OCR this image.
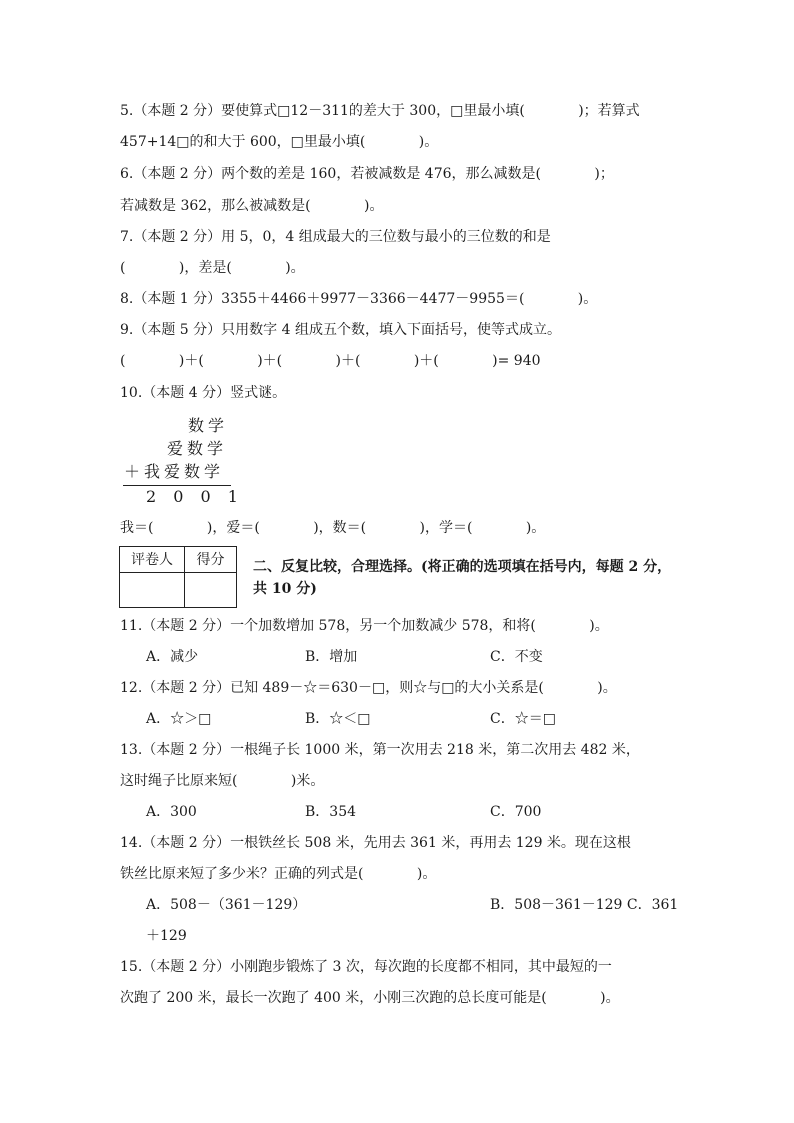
5.（本题 2 分）要使算式□12－311的差大于 300，□里最小填(            )；若算式
457+14□的和大于 600，□里最小填(            )。
6.（本题 2 分）两个数的差是 160，若被减数是 476，那么减数是(            )；
若减数是 362，那么被减数是(            )。
7.（本题 2 分）用 5，0，4 组成最大的三位数与最小的三位数的和是
(            )，差是(            )。
8.（本题 1 分）3355＋4466＋9977－3366－4477－9955＝(            )。
9.（本题 5 分）只用数字 4 组成五个数，填入下面括号，使等式成立。
(            )＋(            )＋(            )＋(            )＋(            )= 940
10.（本题 4 分）竖式谜。
数学
爱数学
＋我爱数学
2 0 0 1
我＝(            )，爱＝(            )，数＝(            )，学＝(            )。
评卷人	得分	二、反复比较，合理选择。(将正确的选项填在括号内，每题 2 分，共 10 分)
11.（本题 2 分）一个加数增加 578，另一个加数减少 578，和将(            )。
A．减少	B．增加	C．不变
12.（本题 2 分）已知 489－☆＝630－□，则☆与□的大小关系是(            )。
A．☆＞□	B．☆＜□	C．☆＝□
13.（本题 2 分）一根绳子长 1000 米，第一次用去 218 米，第二次用去 482 米，
这时绳子比原来短(            )米。
A．300	B．354	C．700
14.（本题 2 分）一根铁丝长 508 米，先用去 361 米，再用去 129 米。现在这根
铁丝比原来短了多少米？正确的列式是(            )。
A．508－（361－129）	B．508－361－129 C．361
＋129
15.（本题 2 分）小刚跑步锻炼了 3 次，每次跑的长度都不相同，其中最短的一
次跑了 200 米，最长一次跑了 400 米，小刚三次跑的总长度可能是(            )。
